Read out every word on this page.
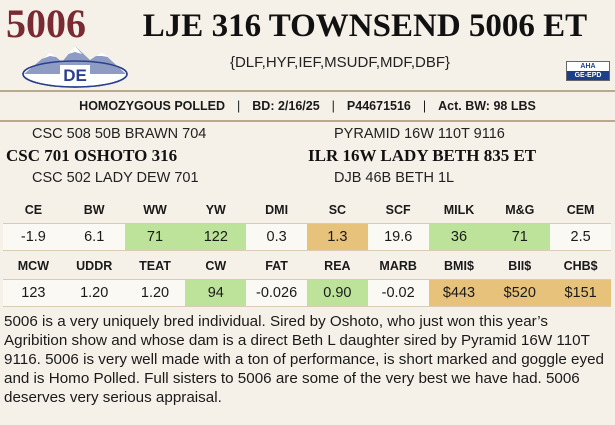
5006
DE
LJE 316 TOWNSEND 5006 ET
{DLF,HYF,IEF,MSUDF,MDF,DBF}	AHA
GE-EPD
HOMOZYGOUS POLLED | BD: 2/16/25 | P44671516 | Act. BW: 98 LBS
CSC 508 50B BRAWN 704
CSC 701 OSHOTO 316
CSC 502 LADY DEW 701
PYRAMID 16W 110T 9116
ILR 16W LADY BETH 835 ET
DJB 46B BETH 1L
CE	BW	WW	YW	DMI	SC	SCF	MILK	M&G	CEM
-1.9	6.1	71	122	0.3	1.3	19.6	36	71	2.5
MCW	UDDR	TEAT	CW	FAT	REA	MARB	BMI$	BII$	CHB$
123	1.20	1.20	94	-0.026	0.90	-0.02	$443	$520	$151
5006 is a very uniquely bred individual. Sired by Oshoto, who just won this year’s Agribition show and whose dam is a direct Beth L daughter sired by Pyramid 16W 110T 9116. 5006 is very well made with a ton of performance, is short marked and goggle eyed and is Homo Polled. Full sisters to 5006 are some of the very best we have had. 5006 deserves very serious appraisal.
